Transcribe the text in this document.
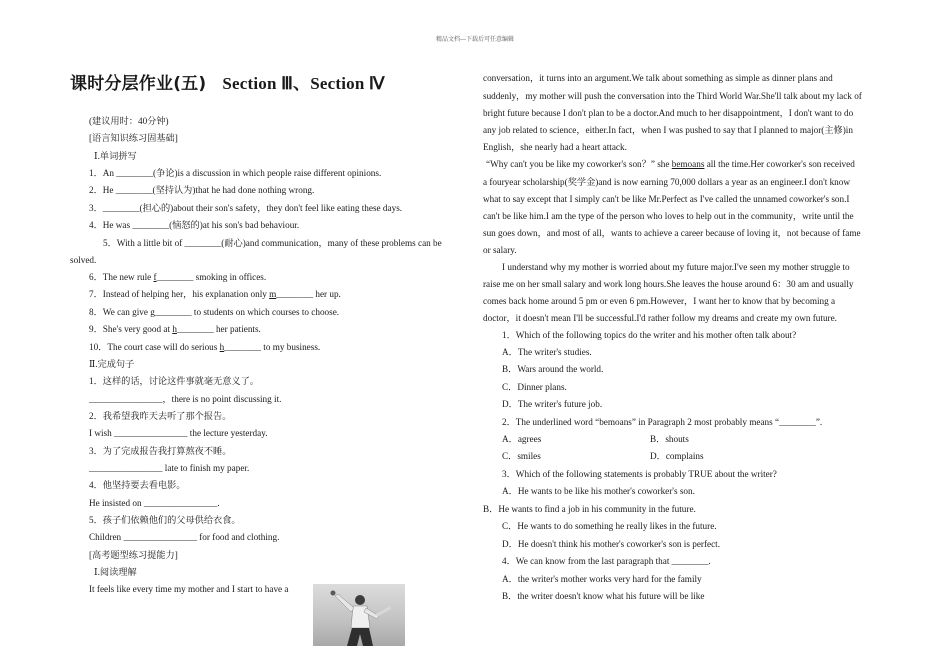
精品文档---下载后可任意编辑
课时分层作业(五) Section Ⅲ、Section Ⅳ
(建议用时：40分钟)
[语言知识练习固基础]
Ⅰ.单词拼写
1．An ________(争论)is a discussion in which people raise different opinions.
2．He ________(坚持认为)that he had done nothing wrong.
3．________(担心的)about their son's safety，they don't feel like eating these days.
4．He was ________(恼怒的)at his son's bad behaviour.
5．With a little bit of ________(耐心)and communication，many of these problems can be
solved.
6．The new rule f________ smoking in offices.
7．Instead of helping her，his explanation only m________ her up.
8．We can give g________ to students on which courses to choose.
9．She's very good at h________ her patients.
10．The court case will do serious h________ to my business.
Ⅱ.完成句子
1．这样的话，讨论这件事就毫无意义了。
________________，there is no point discussing it.
2．我希望我昨天去听了那个报告。
I wish ________________ the lecture yesterday.
3．为了完成报告我打算熬夜不睡。
________________ late to finish my paper.
4．他坚持要去看电影。
He insisted on ________________.
5．孩子们依赖他们的父母供给衣食。
Children ________________ for food and clothing.
[高考题型练习提能力]
Ⅰ.阅读理解
It feels like every time my mother and I start to have a
conversation，it turns into an argument.We talk about something as simple as dinner plans and
suddenly，my mother will push the conversation into the Third World War.She'll talk about my lack of
bright future because I don't plan to be a doctor.And much to her disappointment，I don't want to do
any job related to science，either.In fact，when I was pushed to say that I planned to major(主修)in
English，she nearly had a heart attack.
“Why can't you be like my coworker's son？” she bemoans all the time.Her coworker's son received
a fouryear scholarship(奖学金)and is now earning 70,000 dollars a year as an engineer.I don't know
what to say except that I simply can't be like Mr.Perfect as I've called the unnamed coworker's son.I
can't be like him.I am the type of the person who loves to help out in the community，write until the
sun goes down，and most of all，wants to achieve a career because of loving it，not because of fame
or salary.
I understand why my mother is worried about my future major.I've seen my mother struggle to
raise me on her small salary and work long hours.She leaves the house around 6：30 am and usually
comes back home around 5 pm or even 6 pm.However，I want her to know that by becoming a
doctor，it doesn't mean I'll be successful.I'd rather follow my dreams and create my own future.
1．Which of the following topics do the writer and his mother often talk about?
A．The writer's studies.
B．Wars around the world.
C．Dinner plans.
D．The writer's future job.
2．The underlined word “bemoans” in Paragraph 2 most probably means “________”.
A．agrees	B．shouts
C．smiles	D．complains
3．Which of the following statements is probably TRUE about the writer?
A．He wants to be like his mother's coworker's son.
B．He wants to find a job in his community in the future.
C．He wants to do something he really likes in the future.
D．He doesn't think his mother's coworker's son is perfect.
4．We can know from the last paragraph that ________.
A．the writer's mother works very hard for the family
B．the writer doesn't know what his future will be like
